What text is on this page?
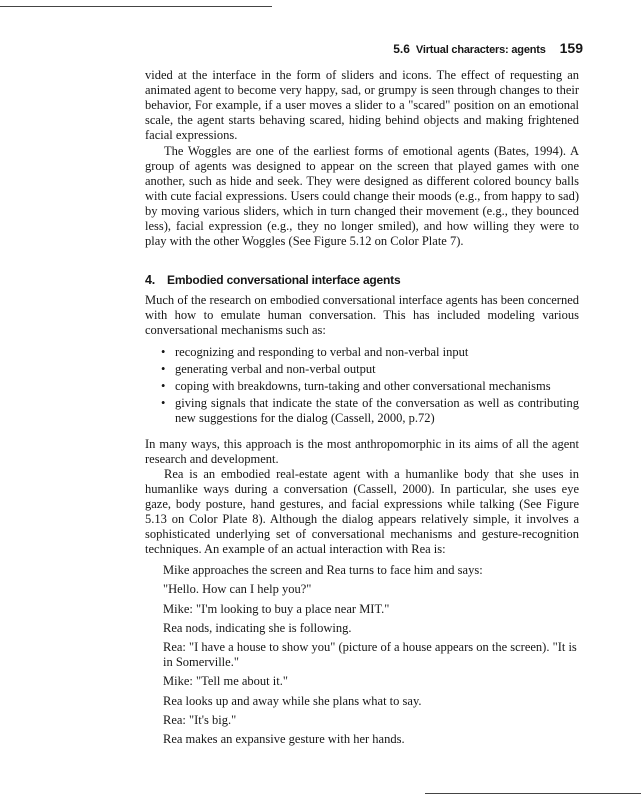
5.6 Virtual characters: agents 159

vided at the interface in the form of sliders and icons. The effect of requesting an animated agent to become very happy, sad, or grumpy is seen through changes to their behavior, For example, if a user moves a slider to a "scared" position on an emotional scale, the agent starts behaving scared, hiding behind objects and making frightened facial expressions.

The Woggles are one of the earliest forms of emotional agents (Bates, 1994). A group of agents was designed to appear on the screen that played games with one another, such as hide and seek. They were designed as different colored bouncy balls with cute facial expressions. Users could change their moods (e.g., from happy to sad) by moving various sliders, which in turn changed their movement (e.g., they bounced less), facial expression (e.g., they no longer smiled), and how willing they were to play with the other Woggles (See Figure 5.12 on Color Plate 7).

4. Embodied conversational interface agents

Much of the research on embodied conversational interface agents has been concerned with how to emulate human conversation. This has included modeling various conversational mechanisms such as:

• recognizing and responding to verbal and non-verbal input
• generating verbal and non-verbal output
• coping with breakdowns, turn-taking and other conversational mechanisms
• giving signals that indicate the state of the conversation as well as contributing new suggestions for the dialog (Cassell, 2000, p.72)

In many ways, this approach is the most anthropomorphic in its aims of all the agent research and development.

Rea is an embodied real-estate agent with a humanlike body that she uses in humanlike ways during a conversation (Cassell, 2000). In particular, she uses eye gaze, body posture, hand gestures, and facial expressions while talking (See Figure 5.13 on Color Plate 8). Although the dialog appears relatively simple, it involves a sophisticated underlying set of conversational mechanisms and gesture-recognition techniques. An example of an actual interaction with Rea is:

Mike approaches the screen and Rea turns to face him and says:
"Hello. How can I help you?"
Mike: "I'm looking to buy a place near MIT."
Rea nods, indicating she is following.
Rea: "I have a house to show you" (picture of a house appears on the screen). "It is in Somerville."
Mike: "Tell me about it."
Rea looks up and away while she plans what to say.
Rea: "It's big."
Rea makes an expansive gesture with her hands.
